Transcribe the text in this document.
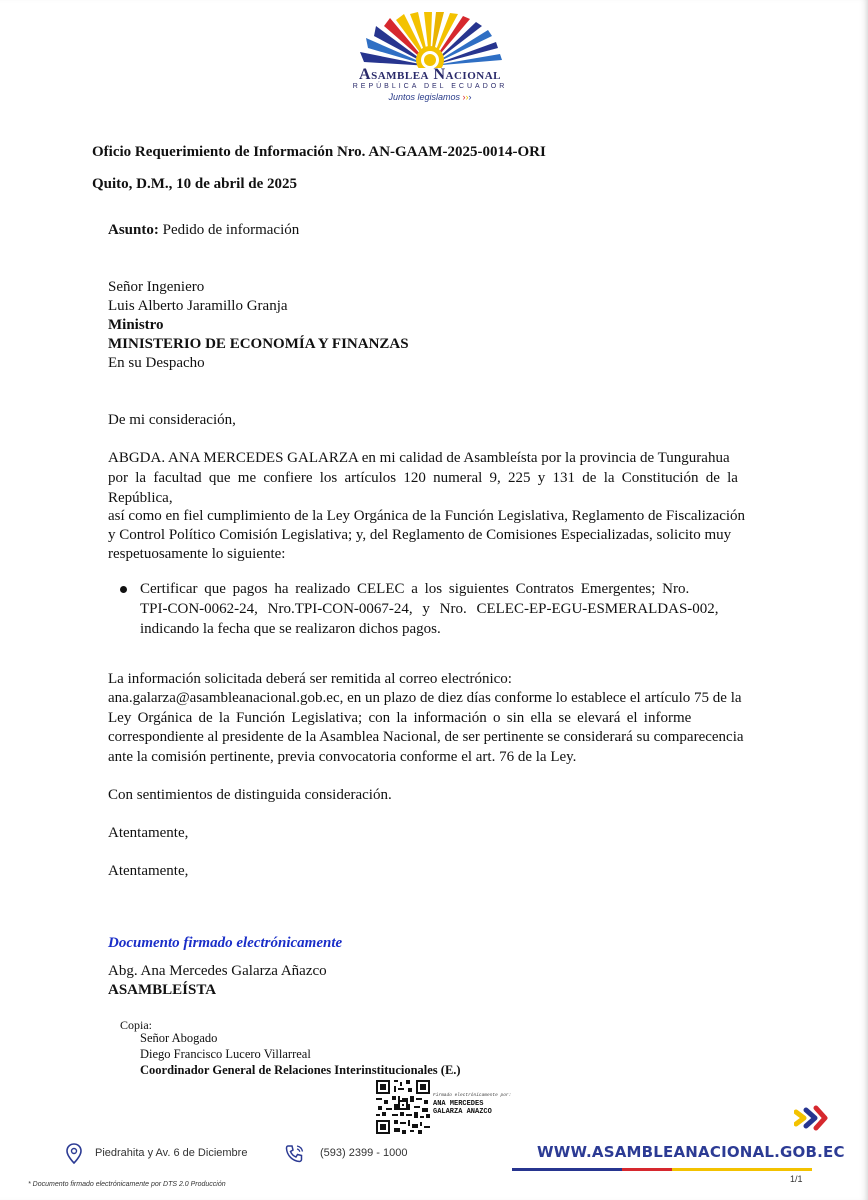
Asamblea Nacional
REPÚBLICA DEL ECUADOR
Juntos legislamos ›››
Oficio Requerimiento de Información Nro. AN-GAAM-2025-0014-ORI
Quito, D.M., 10 de abril de 2025
Asunto: Pedido de información
Señor Ingeniero
Luis Alberto Jaramillo Granja
Ministro
MINISTERIO DE ECONOMÍA Y FINANZAS
En su Despacho
De mi consideración,
ABGDA. ANA MERCEDES GALARZA en mi calidad de Asambleísta por la provincia de Tungurahua
por la facultad que me confiere los artículos 120 numeral 9, 225 y 131 de la Constitución de la
República,
así como en fiel cumplimiento de la Ley Orgánica de la Función Legislativa, Reglamento de Fiscalización
y Control Político Comisión Legislativa; y, del Reglamento de Comisiones Especializadas, solicito muy
respetuosamente lo siguiente:
Certificar que pagos ha realizado CELEC a los siguientes Contratos Emergentes; Nro.
TPI-CON-0062-24, Nro.TPI-CON-0067-24, y Nro. CELEC-EP-EGU-ESMERALDAS-002,
indicando la fecha que se realizaron dichos pagos.
La información solicitada deberá ser remitida al correo electrónico:
ana.galarza@asambleanacional.gob.ec, en un plazo de diez días conforme lo establece el artículo 75 de la
Ley Orgánica de la Función Legislativa; con la información o sin ella se elevará el informe
correspondiente al presidente de la Asamblea Nacional, de ser pertinente se considerará su comparecencia
ante la comisión pertinente, previa convocatoria conforme el art. 76 de la Ley.
Con sentimientos de distinguida consideración.
Atentamente,
Atentamente,
Documento firmado electrónicamente
Abg. Ana Mercedes Galarza Añazco
ASAMBLEÍSTA
Copia:
Señor Abogado
Diego Francisco Lucero Villarreal
Coordinador General de Relaciones Interinstitucionales (E.)
Firmado electrónicamente por:
ANA MERCEDES
GALARZA ANAZCO
Piedrahita y Av. 6 de Diciembre	(593) 2399 - 1000	WWW.ASAMBLEANACIONAL.GOB.EC
1/1
* Documento firmado electrónicamente por DTS 2.0 Producción
